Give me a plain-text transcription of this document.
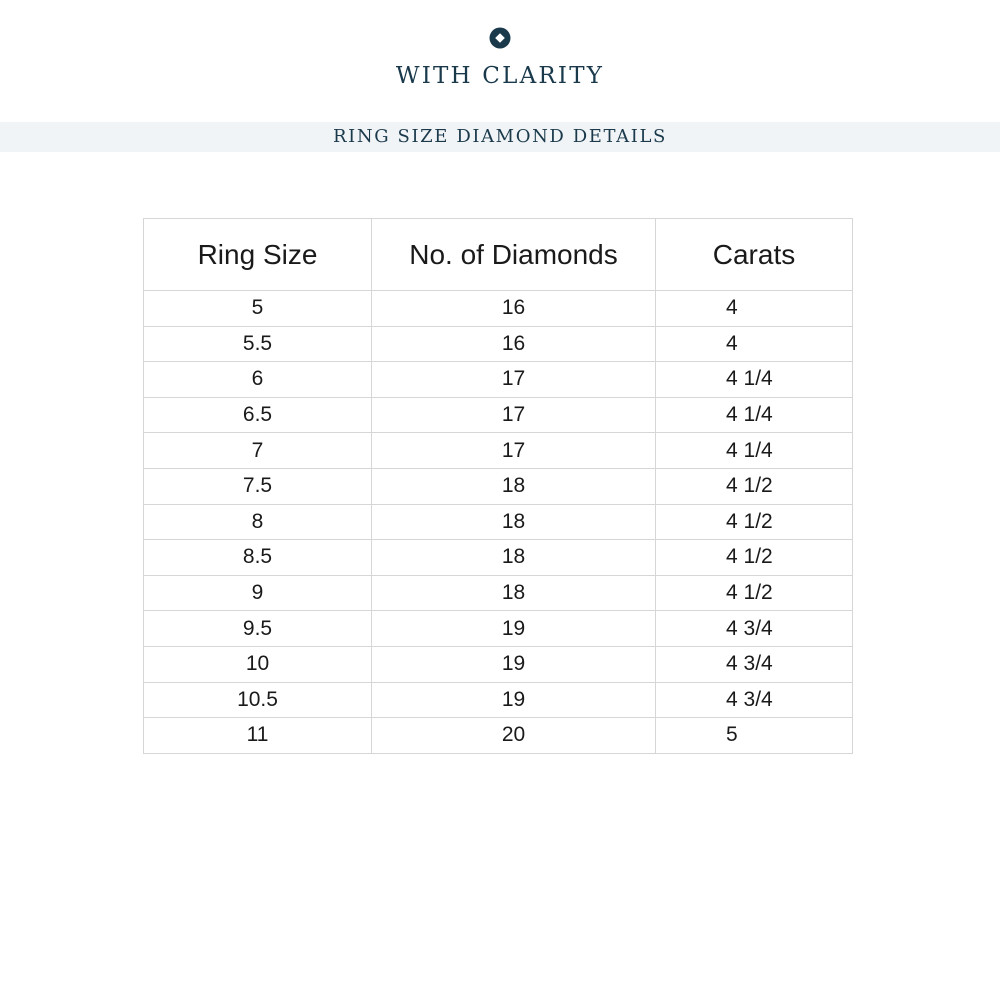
WITH CLARITY
RING SIZE DIAMOND DETAILS
Ring Size	No. of Diamonds	Carats
5	16	4
5.5	16	4
6	17	4 1/4
6.5	17	4 1/4
7	17	4 1/4
7.5	18	4 1/2
8	18	4 1/2
8.5	18	4 1/2
9	18	4 1/2
9.5	19	4 3/4
10	19	4 3/4
10.5	19	4 3/4
11	20	5
